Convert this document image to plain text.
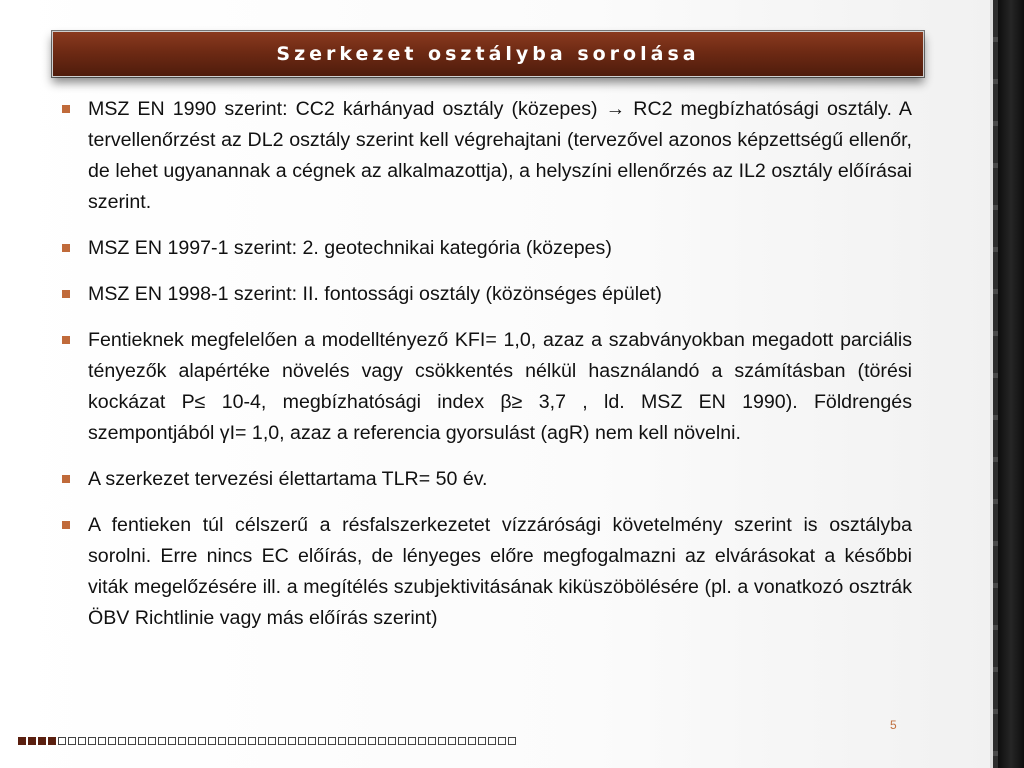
Szerkezet osztályba sorolása
MSZ EN 1990 szerint: CC2 kárhányad osztály (közepes) → RC2 megbízhatósági osztály. A tervellenőrzést az DL2 osztály szerint kell végrehajtani (tervezővel azonos képzettségű ellenőr, de lehet ugyanannak a cégnek az alkalmazottja), a helyszíni ellenőrzés az IL2 osztály előírásai szerint.
MSZ EN 1997-1 szerint: 2. geotechnikai kategória (közepes)
MSZ EN 1998-1 szerint: II. fontossági osztály (közönséges épület)
Fentieknek megfelelően a modelltényező KFI= 1,0, azaz a szabványokban megadott parciális tényezők alapértéke növelés vagy csökkentés nélkül használandó a számításban (törési kockázat P≤ 10-4, megbízhatósági index β≥ 3,7 , ld. MSZ EN 1990). Földrengés szempontjából γI= 1,0, azaz a referencia gyorsulást (agR) nem kell növelni.
A szerkezet tervezési élettartama TLR= 50 év.
A fentieken túl célszerű a résfalszerkezetet vízzárósági követelmény szerint is osztályba sorolni. Erre nincs EC előírás, de lényeges előre megfogalmazni az elvárásokat a későbbi viták megelőzésére ill. a megítélés szubjektivitásának kiküszöbölésére (pl. a vonatkozó osztrák ÖBV Richtlinie vagy más előírás szerint)
5
